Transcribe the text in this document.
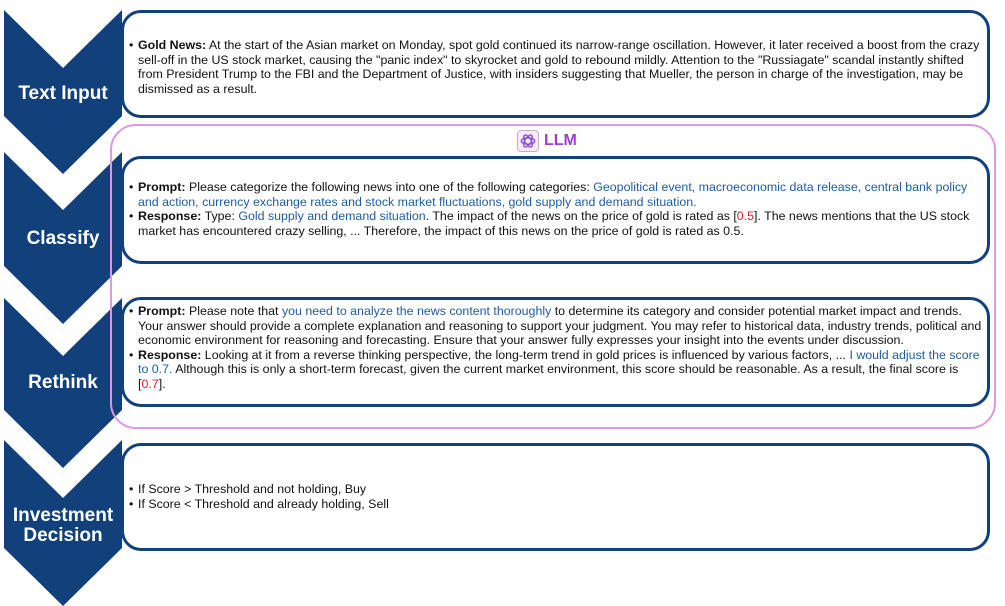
Text Input
Classify
Rethink
Investment Decision
LLM
• Gold News: At the start of the Asian market on Monday, spot gold continued its narrow-range oscillation. However, it later received a boost from the crazy sell-off in the US stock market, causing the "panic index" to skyrocket and gold to rebound mildly. Attention to the "Russiagate" scandal instantly shifted from President Trump to the FBI and the Department of Justice, with insiders suggesting that Mueller, the person in charge of the investigation, may be dismissed as a result.
• Prompt: Please categorize the following news into one of the following categories: Geopolitical event, macroeconomic data release, central bank policy and action, currency exchange rates and stock market fluctuations, gold supply and demand situation.
• Response: Type: Gold supply and demand situation. The impact of the news on the price of gold is rated as [0.5]. The news mentions that the US stock market has encountered crazy selling, ... Therefore, the impact of this news on the price of gold is rated as 0.5.
• Prompt: Please note that you need to analyze the news content thoroughly to determine its category and consider potential market impact and trends. Your answer should provide a complete explanation and reasoning to support your judgment. You may refer to historical data, industry trends, political and economic environment for reasoning and forecasting. Ensure that your answer fully expresses your insight into the events under discussion.
• Response: Looking at it from a reverse thinking perspective, the long-term trend in gold prices is influenced by various factors, ... I would adjust the score to 0.7. Although this is only a short-term forecast, given the current market environment, this score should be reasonable. As a result, the final score is [0.7].
• If Score > Threshold and not holding, Buy
• If Score < Threshold and already holding, Sell
